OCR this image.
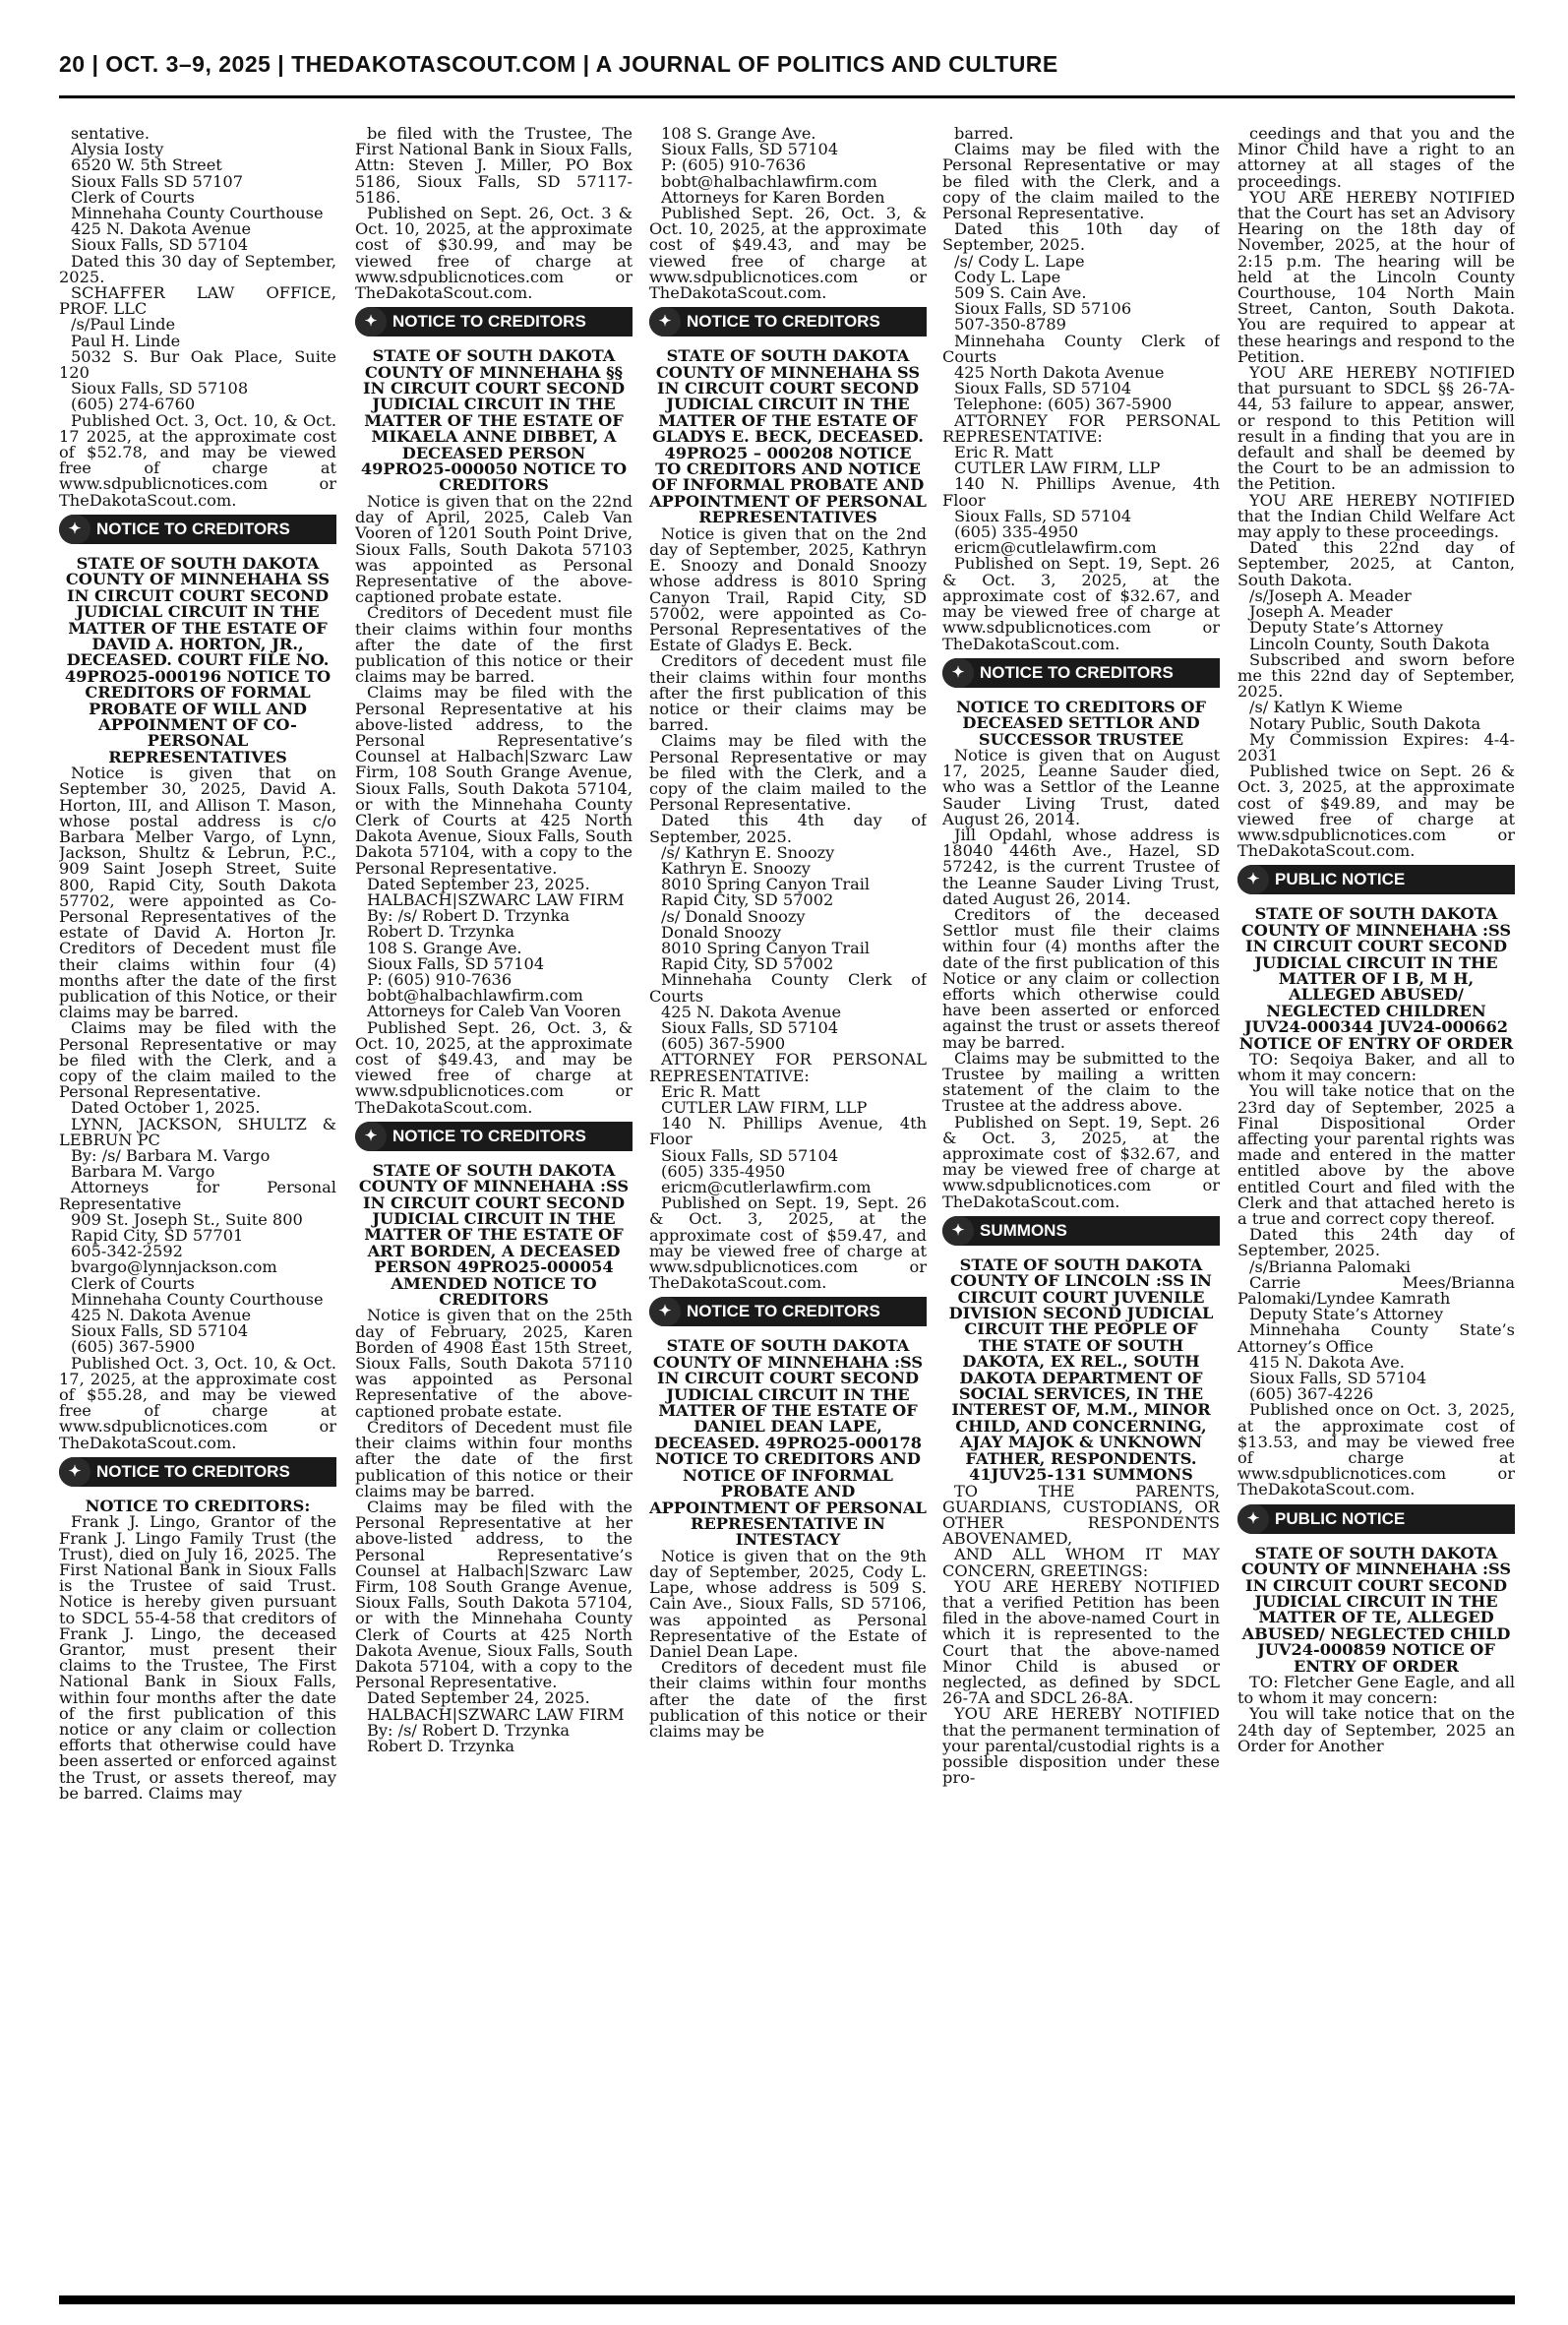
20 | OCT. 3–9, 2025 | THEDAKOTASCOUT.COM | A JOURNAL OF POLITICS AND CULTURE

sentative.

Alysia Iosty

6520 W. 5th Street

Sioux Falls SD 57107

Clerk of Courts

Minnehaha County Courthouse

425 N. Dakota Avenue

Sioux Falls, SD 57104

Dated this 30 day of September, 2025.

SCHAFFER LAW OFFICE, PROF. LLC

/s/Paul Linde

Paul H. Linde

5032 S. Bur Oak Place, Suite 120

Sioux Falls, SD 57108

(605) 274-6760

Published Oct. 3, Oct. 10, & Oct. 17 2025, at the approximate cost of $52.78, and may be viewed free of charge at www.sdpublicnotices.com or TheDakotaScout.com.

✦ NOTICE TO CREDITORS

STATE OF SOUTH DAKOTA COUNTY OF MINNEHAHA SS IN CIRCUIT COURT SECOND JUDICIAL CIRCUIT IN THE MATTER OF THE ESTATE OF DAVID A. HORTON, JR., DECEASED. COURT FILE NO. 49PRO25-000196 NOTICE TO CREDITORS OF FORMAL PROBATE OF WILL AND APPOINMENT OF CO-PERSONAL REPRESENTATIVES

Notice is given that on September 30, 2025, David A. Horton, III, and Allison T. Mason, whose postal address is c/o Barbara Melber Vargo, of Lynn, Jackson, Shultz & Lebrun, P.C., 909 Saint Joseph Street, Suite 800, Rapid City, South Dakota 57702, were appointed as Co-Personal Representatives of the estate of David A. Horton Jr. Creditors of Decedent must file their claims within four (4) months after the date of the first publication of this Notice, or their claims may be barred.

Claims may be filed with the Personal Representative or may be filed with the Clerk, and a copy of the claim mailed to the Personal Representative.

Dated October 1, 2025.

LYNN, JACKSON, SHULTZ & LEBRUN PC

By: /s/ Barbara M. Vargo

Barbara M. Vargo

Attorneys for Personal Representative

909 St. Joseph St., Suite 800

Rapid City, SD 57701

605-342-2592

bvargo@lynnjackson.com

Clerk of Courts

Minnehaha County Courthouse

425 N. Dakota Avenue

Sioux Falls, SD 57104

(605) 367-5900

Published Oct. 3, Oct. 10, & Oct. 17, 2025, at the approximate cost of $55.28, and may be viewed free of charge at www.sdpublicnotices.com or TheDakotaScout.com.

✦ NOTICE TO CREDITORS

NOTICE TO CREDITORS:

Frank J. Lingo, Grantor of the Frank J. Lingo Family Trust (the Trust), died on July 16, 2025. The First National Bank in Sioux Falls is the Trustee of said Trust. Notice is hereby given pursuant to SDCL 55-4-58 that creditors of Frank J. Lingo, the deceased Grantor, must present their claims to the Trustee, The First National Bank in Sioux Falls, within four months after the date of the first publication of this notice or any claim or collection efforts that otherwise could have been asserted or enforced against the Trust, or assets thereof, may be barred. Claims may

be filed with the Trustee, The First National Bank in Sioux Falls, Attn: Steven J. Miller, PO Box 5186, Sioux Falls, SD 57117-5186.

Published on Sept. 26, Oct. 3 & Oct. 10, 2025, at the approximate cost of $30.99, and may be viewed free of charge at www.sdpublicnotices.com or TheDakotaScout.com.

✦ NOTICE TO CREDITORS

STATE OF SOUTH DAKOTA COUNTY OF MINNEHAHA §§ IN CIRCUIT COURT SECOND JUDICIAL CIRCUIT IN THE MATTER OF THE ESTATE OF MIKAELA ANNE DIBBET, A DECEASED PERSON 49PRO25-000050 NOTICE TO CREDITORS

Notice is given that on the 22nd day of April, 2025, Caleb Van Vooren of 1201 South Point Drive, Sioux Falls, South Dakota 57103 was appointed as Personal Representative of the above-captioned probate estate.

Creditors of Decedent must file their claims within four months after the date of the first publication of this notice or their claims may be barred.

Claims may be filed with the Personal Representative at his above-listed address, to the Personal Representative’s Counsel at Halbach|Szwarc Law Firm, 108 South Grange Avenue, Sioux Falls, South Dakota 57104, or with the Minnehaha County Clerk of Courts at 425 North Dakota Avenue, Sioux Falls, South Dakota 57104, with a copy to the Personal Representative.

Dated September 23, 2025.

HALBACH|SZWARC LAW FIRM

By: /s/ Robert D. Trzynka

Robert D. Trzynka

108 S. Grange Ave.

Sioux Falls, SD 57104

P: (605) 910-7636

bobt@halbachlawfirm.com

Attorneys for Caleb Van Vooren

Published Sept. 26, Oct. 3, & Oct. 10, 2025, at the approximate cost of $49.43, and may be viewed free of charge at www.sdpublicnotices.com or TheDakotaScout.com.

✦ NOTICE TO CREDITORS

STATE OF SOUTH DAKOTA COUNTY OF MINNEHAHA :SS IN CIRCUIT COURT SECOND JUDICIAL CIRCUIT IN THE MATTER OF THE ESTATE OF ART BORDEN, A DECEASED PERSON 49PRO25-000054 AMENDED NOTICE TO CREDITORS

Notice is given that on the 25th day of February, 2025, Karen Borden of 4908 East 15th Street, Sioux Falls, South Dakota 57110 was appointed as Personal Representative of the above-captioned probate estate.

Creditors of Decedent must file their claims within four months after the date of the first publication of this notice or their claims may be barred.

Claims may be filed with the Personal Representative at her above-listed address, to the Personal Representative’s Counsel at Halbach|Szwarc Law Firm, 108 South Grange Avenue, Sioux Falls, South Dakota 57104, or with the Minnehaha County Clerk of Courts at 425 North Dakota Avenue, Sioux Falls, South Dakota 57104, with a copy to the Personal Representative.

Dated September 24, 2025.

HALBACH|SZWARC LAW FIRM

By: /s/ Robert D. Trzynka

Robert D. Trzynka

108 S. Grange Ave.

Sioux Falls, SD 57104

P: (605) 910-7636

bobt@halbachlawfirm.com

Attorneys for Karen Borden

Published Sept. 26, Oct. 3, & Oct. 10, 2025, at the approximate cost of $49.43, and may be viewed free of charge at www.sdpublicnotices.com or TheDakotaScout.com.

✦ NOTICE TO CREDITORS

STATE OF SOUTH DAKOTA COUNTY OF MINNEHAHA SS IN CIRCUIT COURT SECOND JUDICIAL CIRCUIT IN THE MATTER OF THE ESTATE OF GLADYS E. BECK, DECEASED. 49PRO25 – 000208 NOTICE TO CREDITORS AND NOTICE OF INFORMAL PROBATE AND APPOINTMENT OF PERSONAL REPRESENTATIVES

Notice is given that on the 2nd day of September, 2025, Kathryn E. Snoozy and Donald Snoozy whose address is 8010 Spring Canyon Trail, Rapid City, SD 57002, were appointed as Co-Personal Representatives of the Estate of Gladys E. Beck.

Creditors of decedent must file their claims within four months after the first publication of this notice or their claims may be barred.

Claims may be filed with the Personal Representative or may be filed with the Clerk, and a copy of the claim mailed to the Personal Representative.

Dated this 4th day of September, 2025.

/s/ Kathryn E. Snoozy

Kathryn E. Snoozy

8010 Spring Canyon Trail

Rapid City, SD 57002

/s/ Donald Snoozy

Donald Snoozy

8010 Spring Canyon Trail

Rapid City, SD 57002

Minnehaha County Clerk of Courts

425 N. Dakota Avenue

Sioux Falls, SD 57104

(605) 367-5900

ATTORNEY FOR PERSONAL REPRESENTATIVE:

Eric R. Matt

CUTLER LAW FIRM, LLP

140 N. Phillips Avenue, 4th Floor

Sioux Falls, SD 57104

(605) 335-4950

ericm@cutlerlawfirm.com

Published on Sept. 19, Sept. 26 & Oct. 3, 2025, at the approximate cost of $59.47, and may be viewed free of charge at www.sdpublicnotices.com or TheDakotaScout.com.

✦ NOTICE TO CREDITORS

STATE OF SOUTH DAKOTA COUNTY OF MINNEHAHA :SS IN CIRCUIT COURT SECOND JUDICIAL CIRCUIT IN THE MATTER OF THE ESTATE OF DANIEL DEAN LAPE, DECEASED. 49PRO25-000178 NOTICE TO CREDITORS AND NOTICE OF INFORMAL PROBATE AND APPOINTMENT OF PERSONAL REPRESENTATIVE IN INTESTACY

Notice is given that on the 9th day of September, 2025, Cody L. Lape, whose address is 509 S. Cain Ave., Sioux Falls, SD 57106, was appointed as Personal Representative of the Estate of Daniel Dean Lape.

Creditors of decedent must file their claims within four months after the date of the first publication of this notice or their claims may be

barred.

Claims may be filed with the Personal Representative or may be filed with the Clerk, and a copy of the claim mailed to the Personal Representative.

Dated this 10th day of September, 2025.

/s/ Cody L. Lape

Cody L. Lape

509 S. Cain Ave.

Sioux Falls, SD 57106

507-350-8789

Minnehaha County Clerk of Courts

425 North Dakota Avenue

Sioux Falls, SD 57104

Telephone: (605) 367-5900

ATTORNEY FOR PERSONAL REPRESENTATIVE:

Eric R. Matt

CUTLER LAW FIRM, LLP

140 N. Phillips Avenue, 4th Floor

Sioux Falls, SD 57104

(605) 335-4950

ericm@cutlelawfirm.com

Published on Sept. 19, Sept. 26 & Oct. 3, 2025, at the approximate cost of $32.67, and may be viewed free of charge at www.sdpublicnotices.com or TheDakotaScout.com.

✦ NOTICE TO CREDITORS

NOTICE TO CREDITORS OF DECEASED SETTLOR AND SUCCESSOR TRUSTEE

Notice is given that on August 17, 2025, Leanne Sauder died, who was a Settlor of the Leanne Sauder Living Trust, dated August 26, 2014.

Jill Opdahl, whose address is 18040 446th Ave., Hazel, SD 57242, is the current Trustee of the Leanne Sauder Living Trust, dated August 26, 2014.

Creditors of the deceased Settlor must file their claims within four (4) months after the date of the first publication of this Notice or any claim or collection efforts which otherwise could have been asserted or enforced against the trust or assets thereof may be barred.

Claims may be submitted to the Trustee by mailing a written statement of the claim to the Trustee at the address above.

Published on Sept. 19, Sept. 26 & Oct. 3, 2025, at the approximate cost of $32.67, and may be viewed free of charge at www.sdpublicnotices.com or TheDakotaScout.com.

✦ SUMMONS

STATE OF SOUTH DAKOTA COUNTY OF LINCOLN :SS IN CIRCUIT COURT JUVENILE DIVISION SECOND JUDICIAL CIRCUIT THE PEOPLE OF THE STATE OF SOUTH DAKOTA, EX REL., SOUTH DAKOTA DEPARTMENT OF SOCIAL SERVICES, IN THE INTEREST OF, M.M., MINOR CHILD, AND CONCERNING, AJAY MAJOK & UNKNOWN FATHER, RESPONDENTS. 41JUV25-131 SUMMONS

TO THE PARENTS, GUARDIANS, CUSTODIANS, OR OTHER RESPONDENTS ABOVENAMED,

AND ALL WHOM IT MAY CONCERN, GREETINGS:

YOU ARE HEREBY NOTIFIED that a verified Petition has been filed in the above-named Court in which it is represented to the Court that the above-named Minor Child is abused or neglected, as defined by SDCL 26-7A and SDCL 26-8A.

YOU ARE HEREBY NOTIFIED that the permanent termination of your parental/custodial rights is a possible disposition under these pro-

ceedings and that you and the Minor Child have a right to an attorney at all stages of the proceedings.

YOU ARE HEREBY NOTIFIED that the Court has set an Advisory Hearing on the 18th day of November, 2025, at the hour of 2:15 p.m. The hearing will be held at the Lincoln County Courthouse, 104 North Main Street, Canton, South Dakota. You are required to appear at these hearings and respond to the Petition.

YOU ARE HEREBY NOTIFIED that pursuant to SDCL §§ 26-7A-44, 53 failure to appear, answer, or respond to this Petition will result in a finding that you are in default and shall be deemed by the Court to be an admission to the Petition.

YOU ARE HEREBY NOTIFIED that the Indian Child Welfare Act may apply to these proceedings.

Dated this 22nd day of September, 2025, at Canton, South Dakota.

/s/Joseph A. Meader

Joseph A. Meader

Deputy State’s Attorney

Lincoln County, South Dakota

Subscribed and sworn before me this 22nd day of September, 2025.

/s/ Katlyn K Wieme

Notary Public, South Dakota

My Commission Expires: 4-4-2031

Published twice on Sept. 26 & Oct. 3, 2025, at the approximate cost of $49.89, and may be viewed free of charge at www.sdpublicnotices.com or TheDakotaScout.com.

✦ PUBLIC NOTICE

STATE OF SOUTH DAKOTA COUNTY OF MINNEHAHA :SS IN CIRCUIT COURT SECOND JUDICIAL CIRCUIT IN THE MATTER OF I B, M H, ALLEGED ABUSED/ NEGLECTED CHILDREN JUV24-000344 JUV24-000662 NOTICE OF ENTRY OF ORDER

TO: Seqoiya Baker, and all to whom it may concern:

You will take notice that on the 23rd day of September, 2025 a Final Dispositional Order affecting your parental rights was made and entered in the matter entitled above by the above entitled Court and filed with the Clerk and that attached hereto is a true and correct copy thereof.

Dated this 24th day of September, 2025.

/s/Brianna Palomaki

Carrie Mees/Brianna Palomaki/Lyndee Kamrath

Deputy State’s Attorney

Minnehaha County State’s Attorney’s Office

415 N. Dakota Ave.

Sioux Falls, SD 57104

(605) 367-4226

Published once on Oct. 3, 2025, at the approximate cost of $13.53, and may be viewed free of charge at www.sdpublicnotices.com or TheDakotaScout.com.

✦ PUBLIC NOTICE

STATE OF SOUTH DAKOTA COUNTY OF MINNEHAHA :SS IN CIRCUIT COURT SECOND JUDICIAL CIRCUIT IN THE MATTER OF TE, ALLEGED ABUSED/ NEGLECTED CHILD JUV24-000859 NOTICE OF ENTRY OF ORDER

TO: Fletcher Gene Eagle, and all to whom it may concern:

You will take notice that on the 24th day of September, 2025 an Order for Another
